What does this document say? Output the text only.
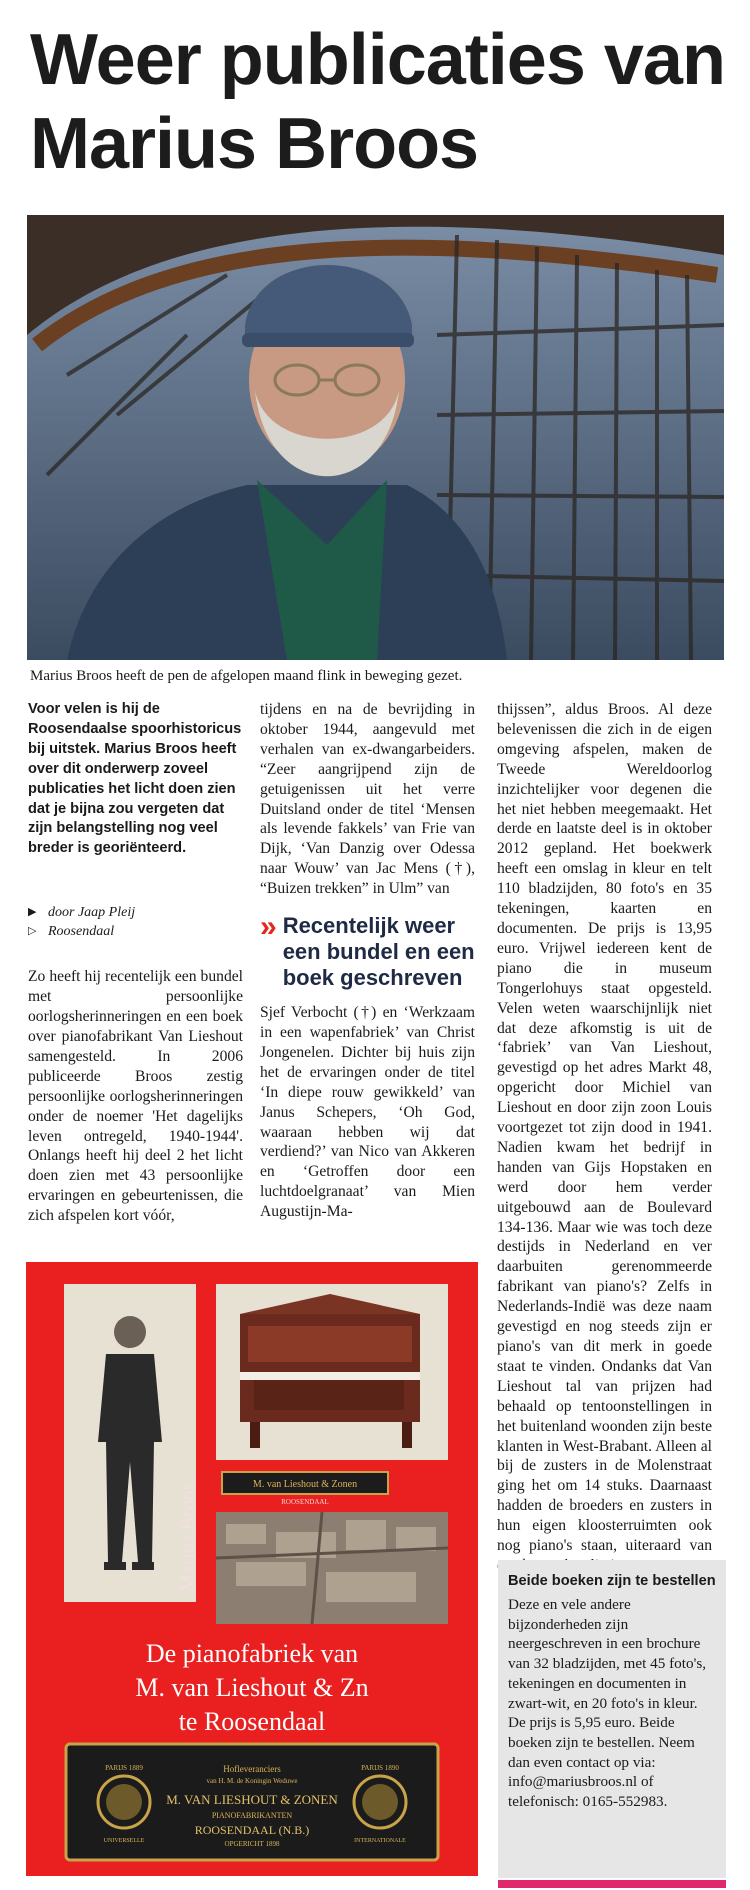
Weer publicaties van Marius Broos

Marius Broos heeft de pen de afgelopen maand flink in beweging gezet.

Voor velen is hij de Roosendaalse spoorhistoricus bij uitstek. Marius Broos heeft over dit onderwerp zoveel publicaties het licht doen zien dat je bijna zou vergeten dat zijn belangstelling nog veel breder is georiënteerd.

▶ door Jaap Pleij
▷ Roosendaal

Zo heeft hij recentelijk een bundel met persoonlijke oorlogsherinneringen en een boek over pianofabrikant Van Lieshout samengesteld. In 2006 publiceerde Broos zestig persoonlijke oorlogsherinneringen onder de noemer 'Het dagelijks leven ontregeld, 1940-1944'. Onlangs heeft hij deel 2 het licht doen zien met 43 persoonlijke ervaringen en gebeurtenissen, die zich afspelen kort vóór,

tijdens en na de bevrijding in oktober 1944, aangevuld met verhalen van ex-dwangarbeiders. “Zeer aangrijpend zijn de getuigenissen uit het verre Duitsland onder de titel ‘Mensen als levende fakkels’ van Frie van Dijk, ‘Van Danzig over Odessa naar Wouw’ van Jac Mens (†), “Buizen trekken” in Ulm” van

» Recentelijk weer een bundel en een boek geschreven

Sjef Verbocht (†) en ‘Werkzaam in een wapenfabriek’ van Christ Jongenelen. Dichter bij huis zijn het de ervaringen onder de titel ‘In diepe rouw gewikkeld’ van Janus Schepers, ‘Oh God, waaraan hebben wij dat verdiend?’ van Nico van Akkeren en ‘Getroffen door een luchtdoelgranaat’ van Mien Augustijn-Ma-

thijssen”, aldus Broos. Al deze belevenissen die zich in de eigen omgeving afspelen, maken de Tweede Wereldoorlog inzichtelijker voor degenen die het niet hebben meegemaakt. Het derde en laatste deel is in oktober 2012 gepland. Het boekwerk heeft een omslag in kleur en telt 110 bladzijden, 80 foto's en 35 tekeningen, kaarten en documenten. De prijs is 13,95 euro. Vrijwel iedereen kent de piano die in museum Tongerlohuys staat opgesteld. Velen weten waarschijnlijk niet dat deze afkomstig is uit de ‘fabriek’ van Van Lieshout, gevestigd op het adres Markt 48, opgericht door Michiel van Lieshout en door zijn zoon Louis voortgezet tot zijn dood in 1941. Nadien kwam het bedrijf in handen van Gijs Hopstaken en werd door hem verder uitgebouwd aan de Boulevard 134-136. Maar wie was toch deze destijds in Nederland en ver daarbuiten gerenommeerde fabrikant van piano's? Zelfs in Nederlands-Indië was deze naam gevestigd en nog steeds zijn er piano's van dit merk in goede staat te vinden. Ondanks dat Van Lieshout tal van prijzen had behaald op tentoonstellingen in het buitenland woonden zijn beste klanten in West-Brabant. Alleen al bij de zusters in de Molenstraat ging het om 14 stuks. Daarnaast hadden de broeders en zusters in hun eigen kloosterruimten ook nog piano's staan, uiteraard van

M. van Lieshout & Zonen
ROOSENDAAL
Marius Broos
De pianofabriek van
M. van Lieshout & Zn
te Roosendaal
PARIJS 1889
UNIVERSELLE
PARIJS 1890
INTERNATIONALE
Hofleveranciers
van H. M. de Koningin Weduwe
M. VAN LIESHOUT & ZONEN
PIANOFABRIKANTEN
ROOSENDAAL (N.B.)
OPGERICHT 1898

Beide boeken zijn te bestellen

Deze en vele andere bijzonderheden zijn neergeschreven in een brochure van 32 bladzijden, met 45 foto's, tekeningen en documenten in zwart-wit, en 20 foto's in kleur. De prijs is 5,95 euro. Beide boeken zijn te bestellen. Neem dan even contact op via: info@mariusbroos.nl of telefonisch: 0165-552983.
